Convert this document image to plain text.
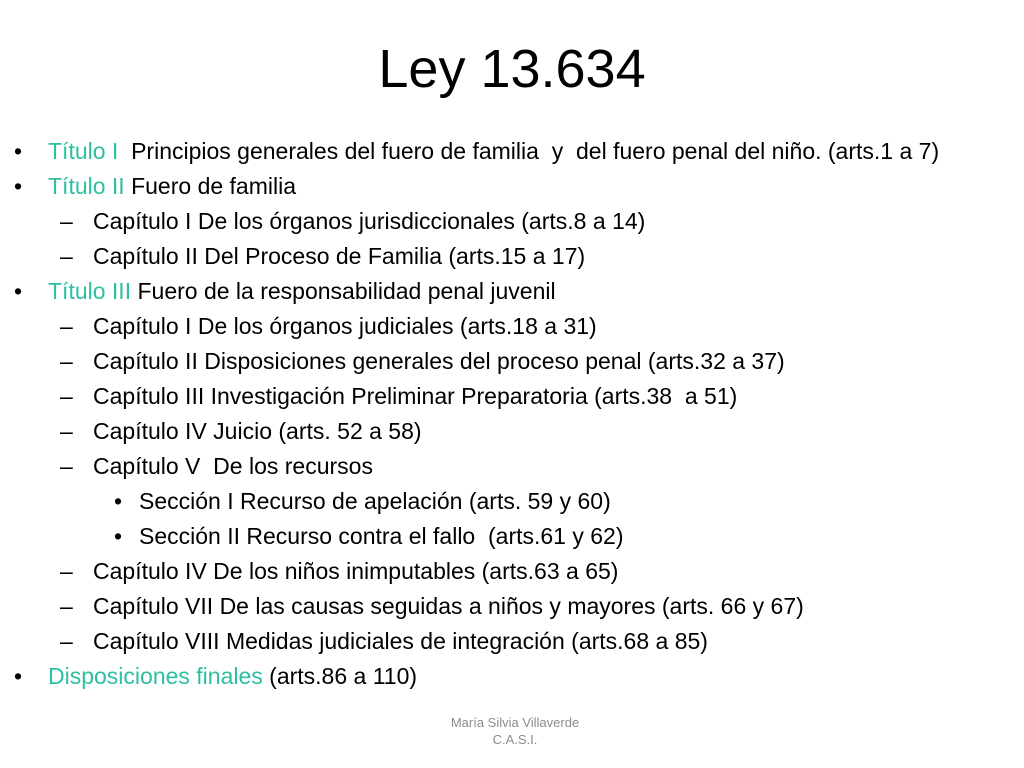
Ley 13.634
• Título I  Principios generales del fuero de familia  y  del fuero penal del niño. (arts.1 a 7)
• Título II Fuero de familia
– Capítulo I De los órganos jurisdiccionales (arts.8 a 14)
– Capítulo II Del Proceso de Familia (arts.15 a 17)
• Título III Fuero de la responsabilidad penal juvenil
– Capítulo I De los órganos judiciales (arts.18 a 31)
– Capítulo II Disposiciones generales del proceso penal (arts.32 a 37)
– Capítulo III Investigación Preliminar Preparatoria (arts.38  a 51)
– Capítulo IV Juicio (arts. 52 a 58)
– Capítulo V  De los recursos
• Sección I Recurso de apelación (arts. 59 y 60)
• Sección II Recurso contra el fallo  (arts.61 y 62)
– Capítulo IV De los niños inimputables (arts.63 a 65)
– Capítulo VII De las causas seguidas a niños y mayores (arts. 66 y 67)
– Capítulo VIII Medidas judiciales de integración (arts.68 a 85)
• Disposiciones finales (arts.86 a 110)
María Silvia Villaverde
C.A.S.I.
